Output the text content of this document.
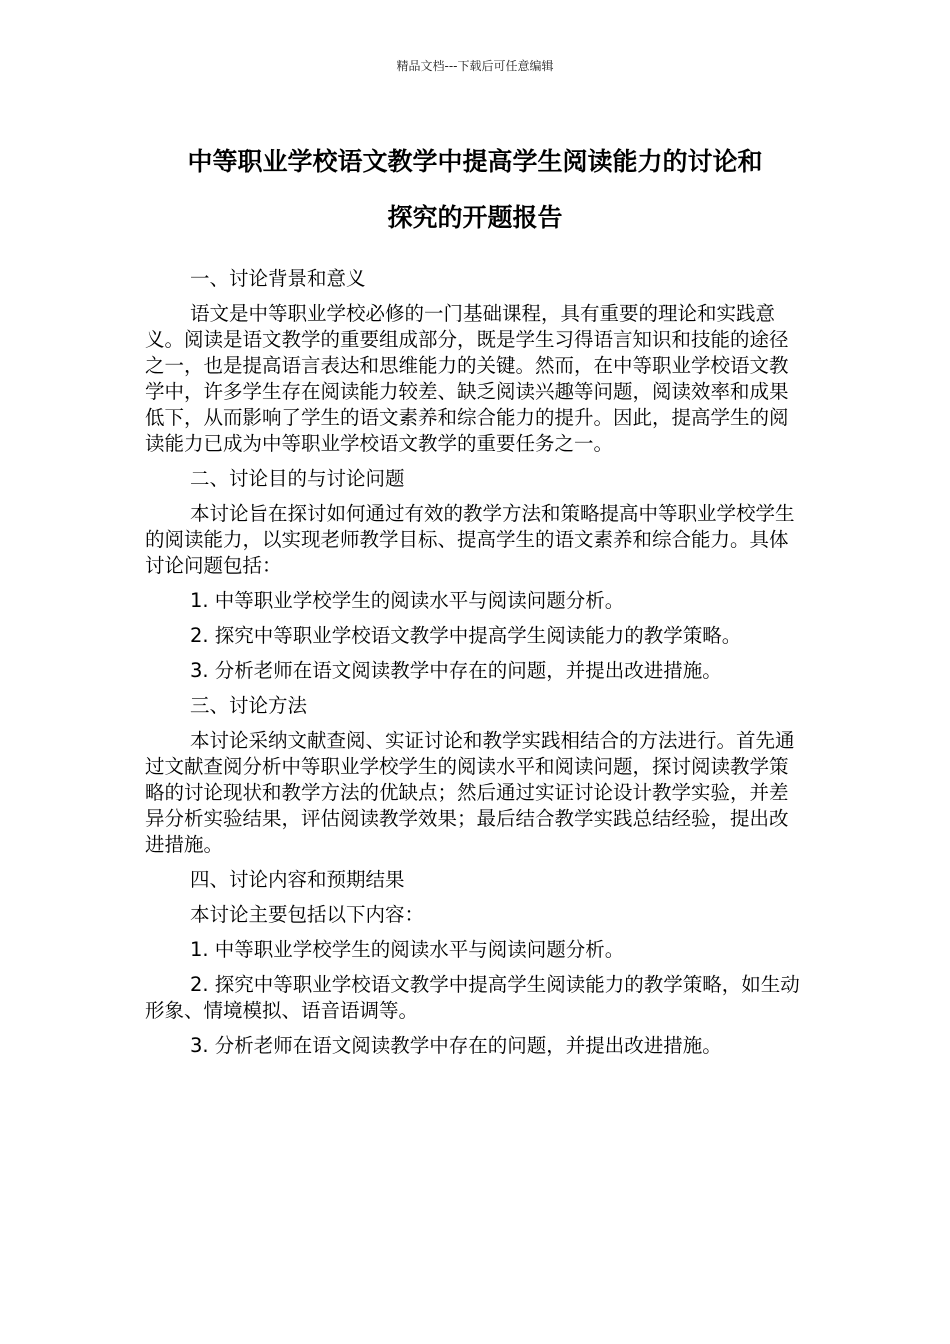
精品文档---下载后可任意编辑
中等职业学校语文教学中提高学生阅读能力的讨论和
探究的开题报告

一、讨论背景和意义

语文是中等职业学校必修的一门基础课程，具有重要的理论和实践意义。阅读是语文教学的重要组成部分，既是学生习得语言知识和技能的途径之一，也是提高语言表达和思维能力的关键。然而，在中等职业学校语文教学中，许多学生存在阅读能力较差、缺乏阅读兴趣等问题，阅读效率和成果低下，从而影响了学生的语文素养和综合能力的提升。因此，提高学生的阅读能力已成为中等职业学校语文教学的重要任务之一。

二、讨论目的与讨论问题

本讨论旨在探讨如何通过有效的教学方法和策略提高中等职业学校学生的阅读能力，以实现老师教学目标、提高学生的语文素养和综合能力。具体讨论问题包括：

1. 中等职业学校学生的阅读水平与阅读问题分析。

2. 探究中等职业学校语文教学中提高学生阅读能力的教学策略。

3. 分析老师在语文阅读教学中存在的问题，并提出改进措施。

三、讨论方法

本讨论采纳文献查阅、实证讨论和教学实践相结合的方法进行。首先通过文献查阅分析中等职业学校学生的阅读水平和阅读问题，探讨阅读教学策略的讨论现状和教学方法的优缺点；然后通过实证讨论设计教学实验，并差异分析实验结果，评估阅读教学效果；最后结合教学实践总结经验，提出改进措施。

四、讨论内容和预期结果

本讨论主要包括以下内容：

1. 中等职业学校学生的阅读水平与阅读问题分析。

2. 探究中等职业学校语文教学中提高学生阅读能力的教学策略，如生动形象、情境模拟、语音语调等。

3. 分析老师在语文阅读教学中存在的问题，并提出改进措施。
